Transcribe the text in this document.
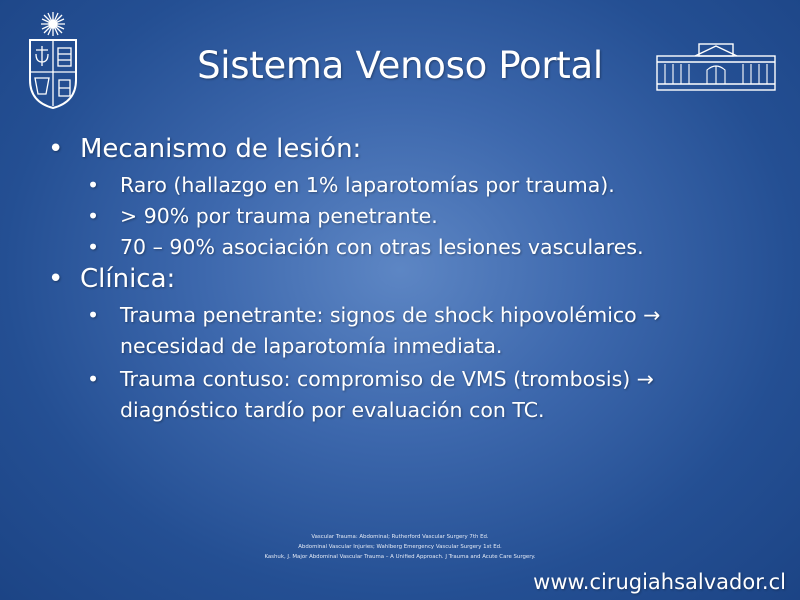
Sistema Venoso Portal
• Mecanismo de lesión:
• Raro (hallazgo en 1% laparotomías por trauma).
• > 90% por trauma penetrante.
• 70 – 90% asociación con otras lesiones vasculares.
• Clínica:
• Trauma penetrante: signos de shock hipovolémico →
necesidad de laparotomía inmediata.
• Trauma contuso: compromiso de VMS (trombosis) →
diagnóstico tardío por evaluación con TC.
Vascular Trauma: Abdominal; Rutherford Vascular Surgery 7th Ed.
Abdominal Vascular Injuries; Wahlberg Emergency Vascular Surgery 1st Ed.
Kashuk, J. Major Abdominal Vascular Trauma – A Unified Approach. J Trauma and Acute Care Surgery.
www.cirugiahsalvador.cl
